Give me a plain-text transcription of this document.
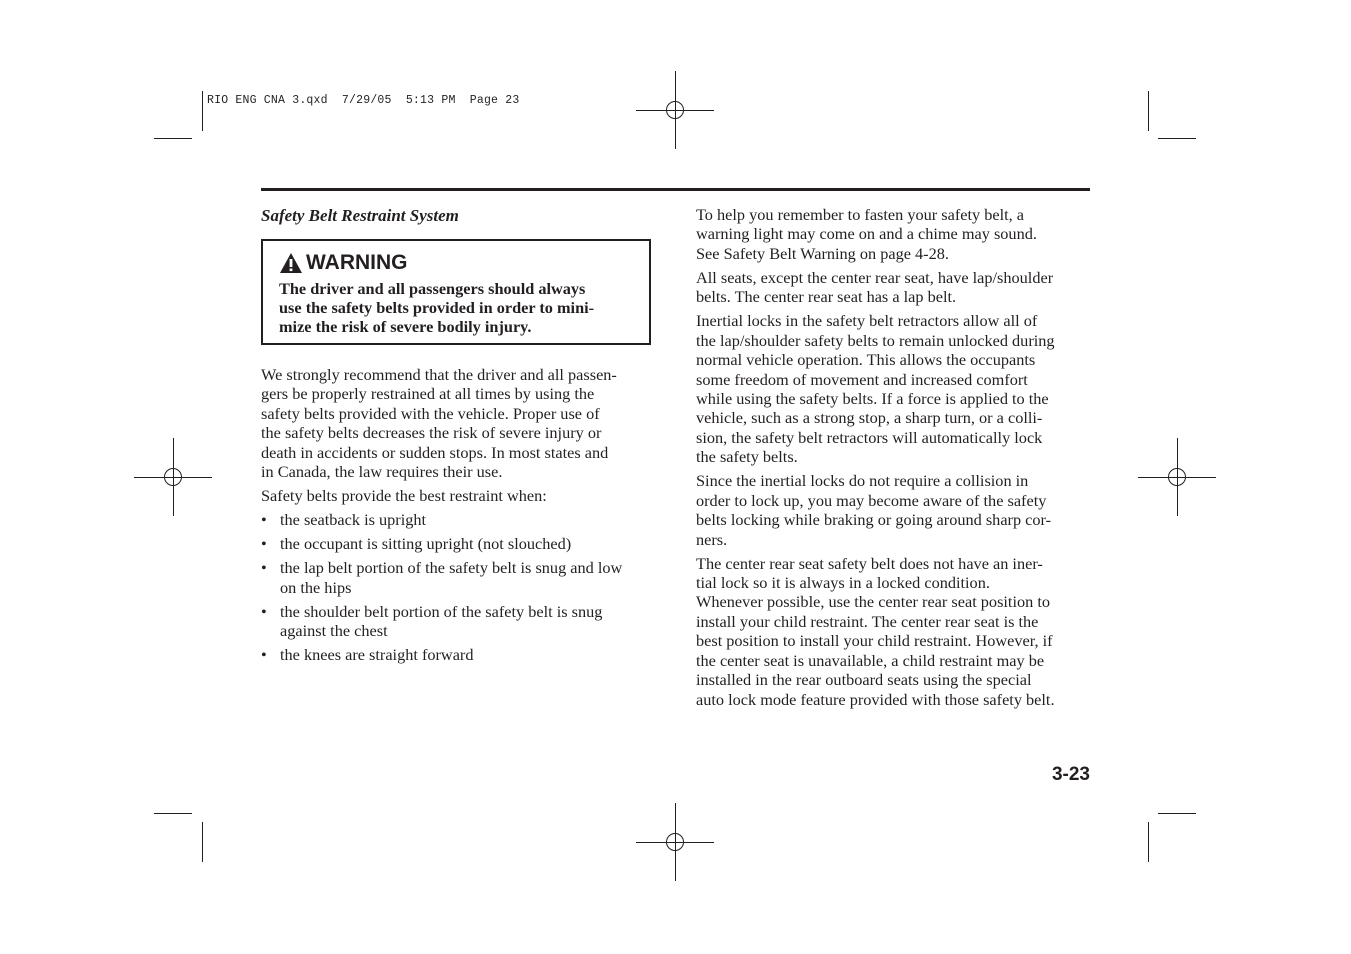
RIO ENG CNA 3.qxd  7/29/05  5:13 PM  Page 23
Safety Belt Restraint System
WARNING

The driver and all passengers should always
use the safety belts provided in order to mini-
mize the risk of severe bodily injury.

We strongly recommend that the driver and all passen-
gers be properly restrained at all times by using the
safety belts provided with the vehicle. Proper use of
the safety belts decreases the risk of severe injury or
death in accidents or sudden stops. In most states and
in Canada, the law requires their use.

Safety belts provide the best restraint when:

• the seatback is upright
• the occupant is sitting upright (not slouched)
• the lap belt portion of the safety belt is snug and low
on the hips
• the shoulder belt portion of the safety belt is snug
against the chest
• the knees are straight forward

To help you remember to fasten your safety belt, a
warning light may come on and a chime may sound.
See Safety Belt Warning on page 4-28.

All seats, except the center rear seat, have lap/shoulder
belts. The center rear seat has a lap belt.

Inertial locks in the safety belt retractors allow all of
the lap/shoulder safety belts to remain unlocked during
normal vehicle operation. This allows the occupants
some freedom of movement and increased comfort
while using the safety belts. If a force is applied to the
vehicle, such as a strong stop, a sharp turn, or a colli-
sion, the safety belt retractors will automatically lock
the safety belts.

Since the inertial locks do not require a collision in
order to lock up, you may become aware of the safety
belts locking while braking or going around sharp cor-
ners.

The center rear seat safety belt does not have an iner-
tial lock so it is always in a locked condition.
Whenever possible, use the center rear seat position to
install your child restraint. The center rear seat is the
best position to install your child restraint. However, if
the center seat is unavailable, a child restraint may be
installed in the rear outboard seats using the special
auto lock mode feature provided with those safety belt.

3-23
